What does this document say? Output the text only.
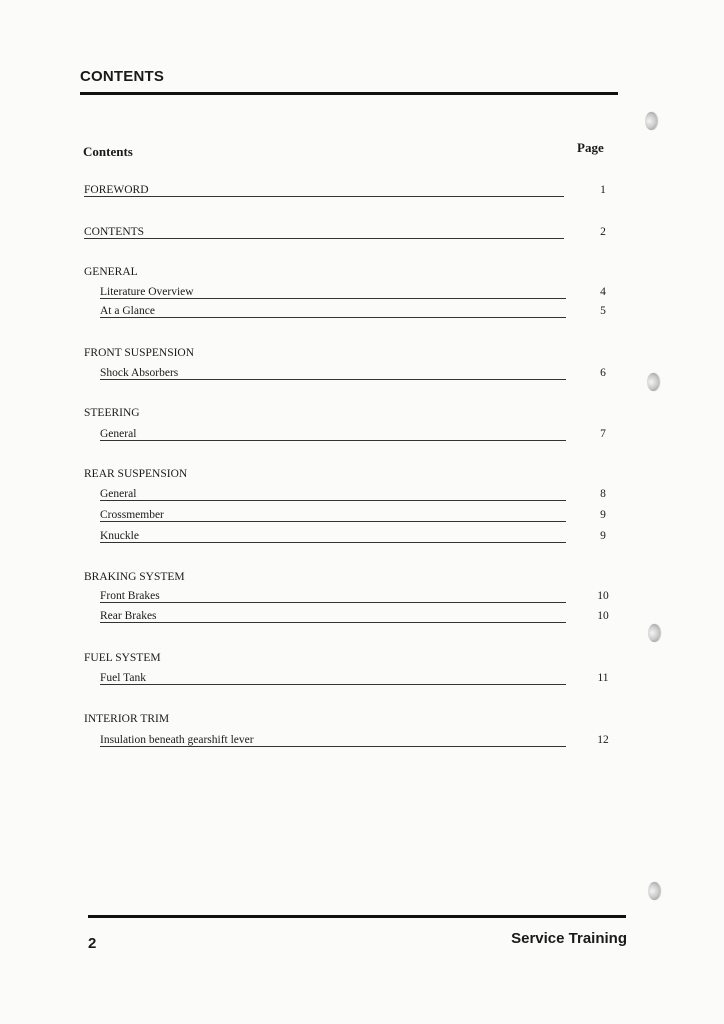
CONTENTS
Contents	Page
FOREWORD	1
CONTENTS	2
GENERAL
Literature Overview	4
At a Glance	5
FRONT SUSPENSION
Shock Absorbers	6
STEERING
General	7
REAR SUSPENSION
General	8
Crossmember	9
Knuckle	9
BRAKING SYSTEM
Front Brakes	10
Rear Brakes	10
FUEL SYSTEM
Fuel Tank	11
INTERIOR TRIM
Insulation beneath gearshift lever	12
2	Service Training
